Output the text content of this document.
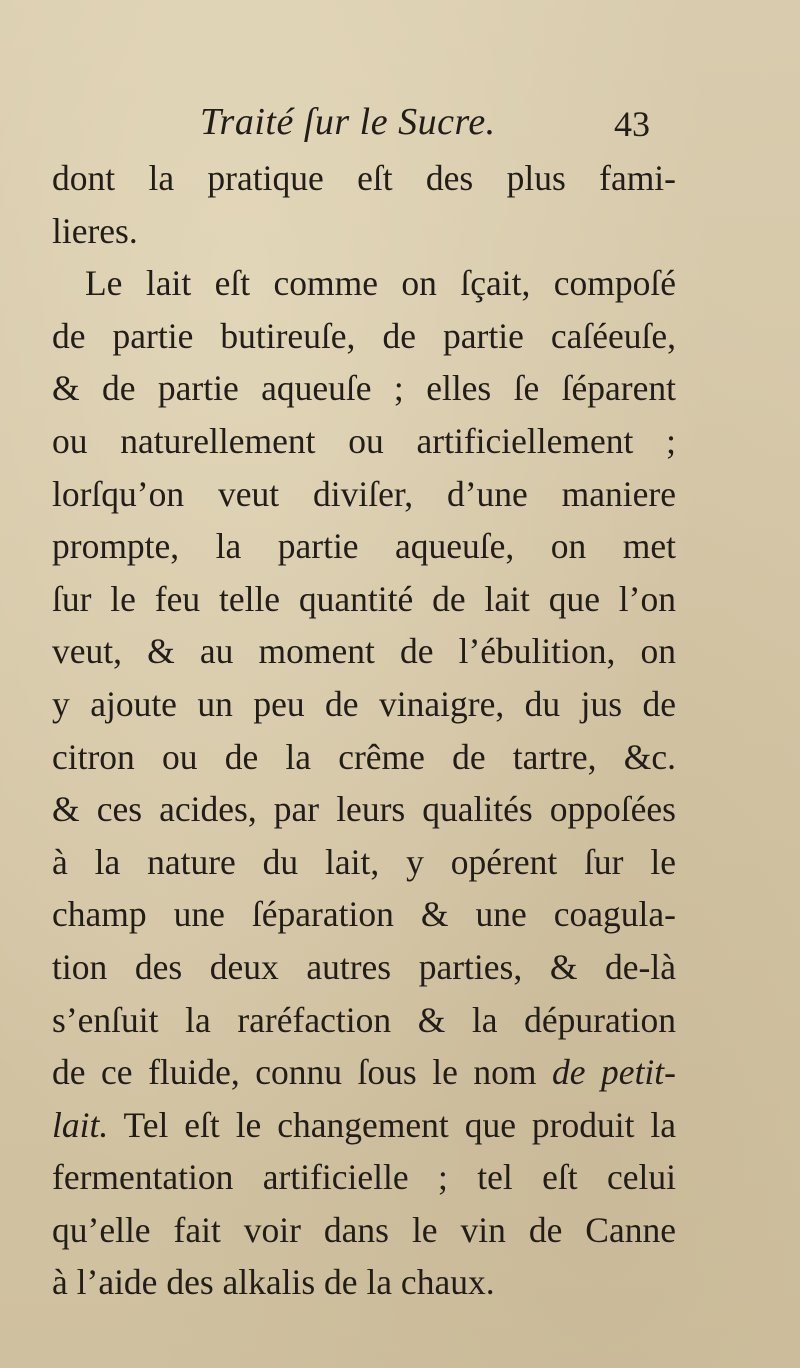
Traité ſur le Sucre.	43
dont la pratique eſt des plus fami-
lieres.
Le lait eſt comme on ſçait, compoſé
de partie butireuſe, de partie caſéeuſe,
& de partie aqueuſe ; elles ſe ſéparent
ou naturellement ou artificiellement ;
lorſqu’on veut diviſer, d’une maniere
prompte, la partie aqueuſe, on met
ſur le feu telle quantité de lait que l’on
veut, & au moment de l’ébulition, on
y ajoute un peu de vinaigre, du jus de
citron ou de la crême de tartre, &c.
& ces acides, par leurs qualités oppoſées
à la nature du lait, y opérent ſur le
champ une ſéparation & une coagula-
tion des deux autres parties, & de-là
s’enſuit la raréfaction & la dépuration
de ce fluide, connu ſous le nom de petit-
lait. Tel eſt le changement que produit la
fermentation artificielle ; tel eſt celui
qu’elle fait voir dans le vin de Canne
à l’aide des alkalis de la chaux.
